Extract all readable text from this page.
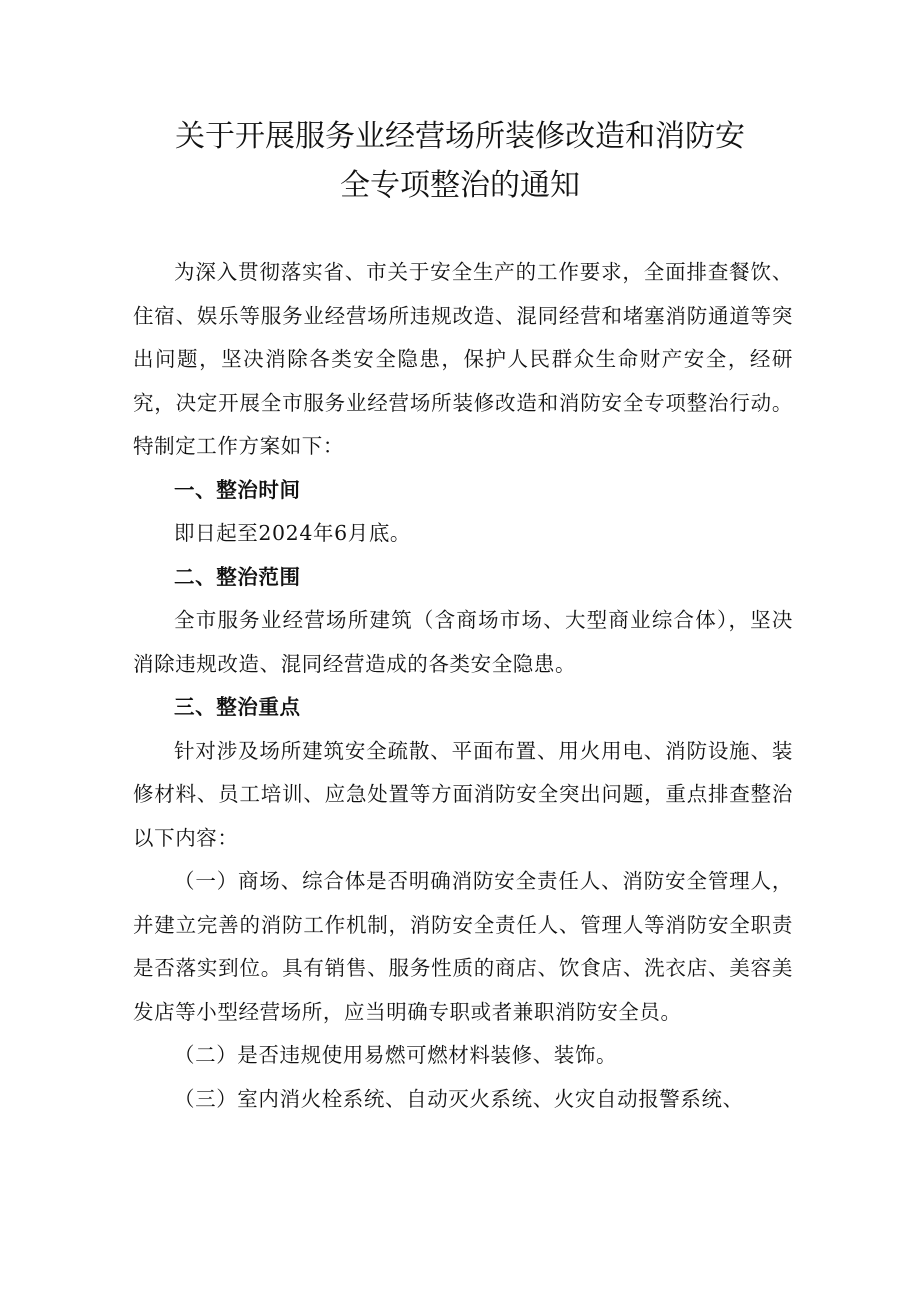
关于开展服务业经营场所装修改造和消防安
全专项整治的通知

为深入贯彻落实省、市关于安全生产的工作要求，全面排查餐饮、住宿、娱乐等服务业经营场所违规改造、混同经营和堵塞消防通道等突出问题，坚决消除各类安全隐患，保护人民群众生命财产安全，经研究，决定开展全市服务业经营场所装修改造和消防安全专项整治行动。特制定工作方案如下：

一、整治时间

即日起至2024年6月底。

二、整治范围

全市服务业经营场所建筑（含商场市场、大型商业综合体），坚决消除违规改造、混同经营造成的各类安全隐患。

三、整治重点

针对涉及场所建筑安全疏散、平面布置、用火用电、消防设施、装修材料、员工培训、应急处置等方面消防安全突出问题，重点排查整治以下内容：

（一）商场、综合体是否明确消防安全责任人、消防安全管理人，并建立完善的消防工作机制，消防安全责任人、管理人等消防安全职责是否落实到位。具有销售、服务性质的商店、饮食店、洗衣店、美容美发店等小型经营场所，应当明确专职或者兼职消防安全员。

（二）是否违规使用易燃可燃材料装修、装饰。

（三）室内消火栓系统、自动灭火系统、火灾自动报警系统、
